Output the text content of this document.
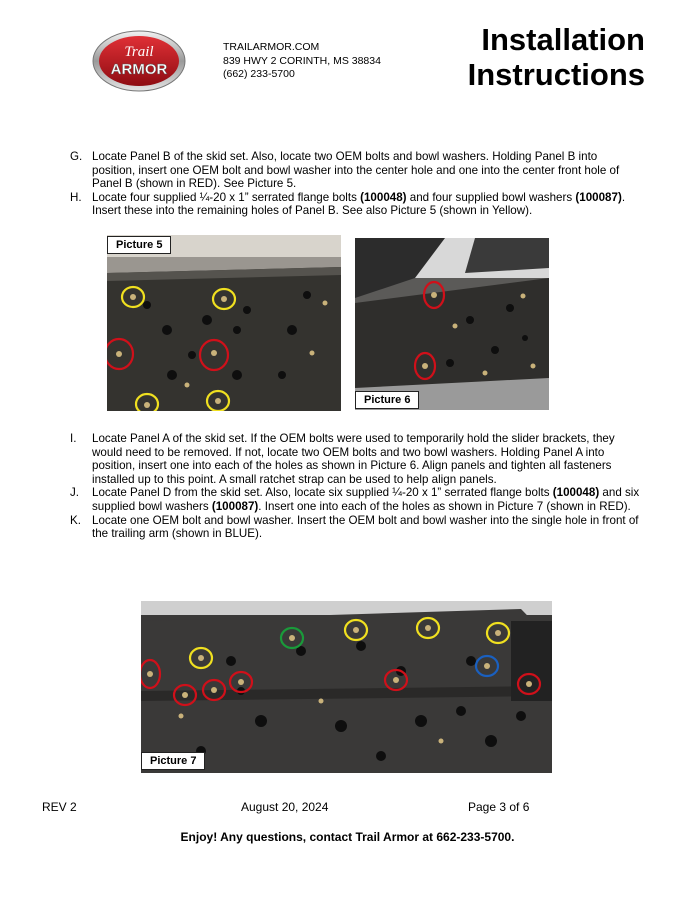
Trail
ARMOR
TRAILARMOR.COM
839 HWY 2 CORINTH, MS 38834
(662) 233-5700
Installation
Instructions
G. Locate Panel B of the skid set. Also, locate two OEM bolts and bowl washers. Holding Panel B into position, insert one OEM bolt and bowl washer into the center hole and one into the center front hole of Panel B (shown in RED). See Picture 5.
H. Locate four supplied ¼-20 x 1” serrated flange bolts (100048) and four supplied bowl washers (100087). Insert these into the remaining holes of Panel B. See also Picture 5 (shown in Yellow).
Picture 5
Picture 6
I.	Locate Panel A of the skid set. If the OEM bolts were used to temporarily hold the slider brackets, they would need to be removed. If not, locate two OEM bolts and two bowl washers. Holding Panel A into position, insert one into each of the holes as shown in Picture 6. Align panels and tighten all fasteners installed up to this point. A small ratchet strap can be used to help align panels.
J.	Locate Panel D from the skid set. Also, locate six supplied ¼-20 x 1” serrated flange bolts (100048) and six supplied bowl washers (100087). Insert one into each of the holes as shown in Picture 7 (shown in RED).
K. Locate one OEM bolt and bowl washer. Insert the OEM bolt and bowl washer into the single hole in front of the trailing arm (shown in BLUE).
Picture 7
REV 2	August 20, 2024	Page 3 of 6
Enjoy! Any questions, contact Trail Armor at 662-233-5700.
